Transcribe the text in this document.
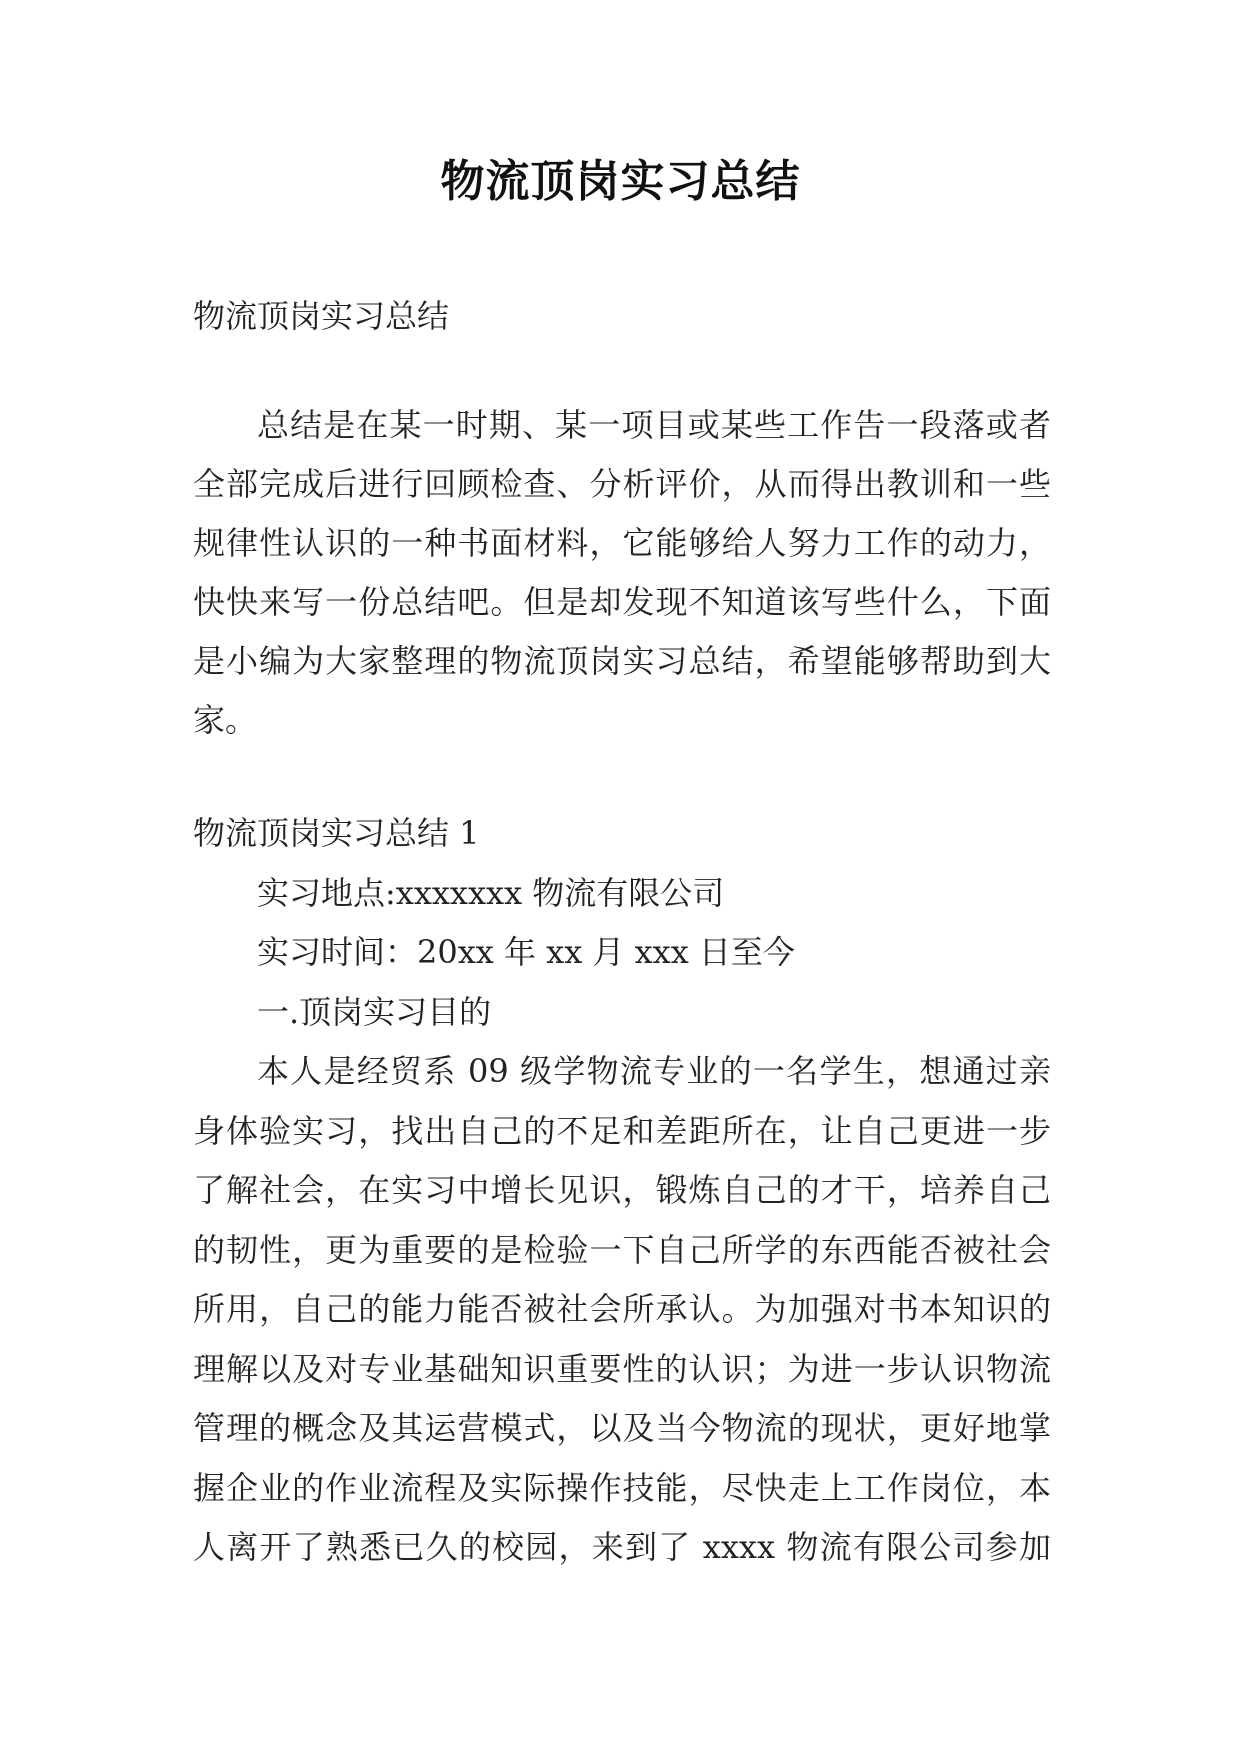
物流顶岗实习总结
物流顶岗实习总结
总结是在某一时期、某一项目或某些工作告一段落或者
全部完成后进行回顾检查、分析评价，从而得出教训和一些
规律性认识的一种书面材料，它能够给人努力工作的动力，
快快来写一份总结吧。但是却发现不知道该写些什么，下面
是小编为大家整理的物流顶岗实习总结，希望能够帮助到大
家。
物流顶岗实习总结 1
实习地点:xxxxxxx 物流有限公司
实习时间：20xx 年 xx 月 xxx 日至今
一.顶岗实习目的
本人是经贸系 09 级学物流专业的一名学生，想通过亲
身体验实习，找出自己的不足和差距所在，让自己更进一步
了解社会，在实习中增长见识，锻炼自己的才干，培养自己
的韧性，更为重要的是检验一下自己所学的东西能否被社会
所用，自己的能力能否被社会所承认。为加强对书本知识的
理解以及对专业基础知识重要性的认识；为进一步认识物流
管理的概念及其运营模式，以及当今物流的现状，更好地掌
握企业的作业流程及实际操作技能，尽快走上工作岗位，本
人离开了熟悉已久的校园，来到了 xxxx 物流有限公司参加
